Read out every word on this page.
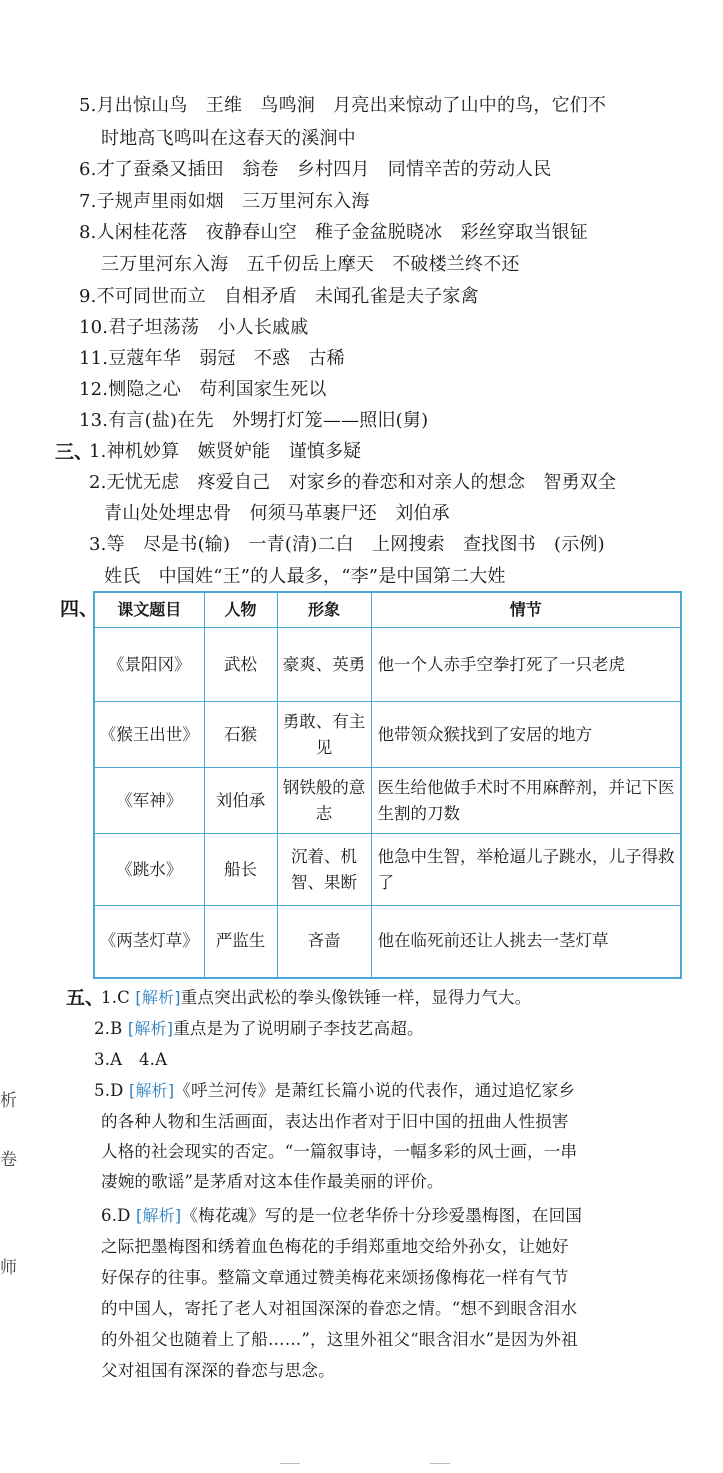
5.月出惊山鸟　王维　鸟鸣涧　月亮出来惊动了山中的鸟，它们不
时地高飞鸣叫在这春天的溪涧中
6.才了蚕桑又插田　翁卷　乡村四月　同情辛苦的劳动人民
7.子规声里雨如烟　三万里河东入海
8.人闲桂花落　夜静春山空　稚子金盆脱晓冰　彩丝穿取当银钲
三万里河东入海　五千仞岳上摩天　不破楼兰终不还
9.不可同世而立　自相矛盾　未闻孔雀是夫子家禽
10.君子坦荡荡　小人长戚戚
11.豆蔻年华　弱冠　不惑　古稀
12.恻隐之心　苟利国家生死以
13.有言(盐)在先　外甥打灯笼——照旧(舅)
三、
1.神机妙算　嫉贤妒能　谨慎多疑
2.无忧无虑　疼爱自己　对家乡的眷恋和对亲人的想念　智勇双全
青山处处埋忠骨　何须马革裹尸还　刘伯承
3.等　尽是书(输)　一青(清)二白　上网搜索　查找图书　(示例)
姓氏　中国姓“王”的人最多，“李”是中国第二大姓
四、 课文题目	人物	形象	情节
《景阳冈》	武松	豪爽、英勇	他一个人赤手空拳打死了一只老虎
《猴王出世》	石猴	勇敢、有主见	他带领众猴找到了安居的地方
《军神》	刘伯承	钢铁般的意志	医生给他做手术时不用麻醉剂，并记下医生割的刀数
《跳水》	船长	沉着、机智、果断	他急中生智，举枪逼儿子跳水，儿子得救了
《两茎灯草》	严监生	吝啬	他在临死前还让人挑去一茎灯草
五、
1.C [解析]重点突出武松的拳头像铁锤一样，显得力气大。
2.B [解析]重点是为了说明刷子李技艺高超。
3.A　4.A
5.D [解析]《呼兰河传》是萧红长篇小说的代表作，通过追忆家乡
的各种人物和生活画面，表达出作者对于旧中国的扭曲人性损害
人格的社会现实的否定。“一篇叙事诗，一幅多彩的风士画，一串
凄婉的歌谣”是茅盾对这本佳作最美丽的评价。
6.D [解析]《梅花魂》写的是一位老华侨十分珍爱墨梅图，在回国
之际把墨梅图和绣着血色梅花的手绢郑重地交给外孙女，让她好
好保存的往事。整篇文章通过赞美梅花来颂扬像梅花一样有气节
的中国人，寄托了老人对祖国深深的眷恋之情。“想不到眼含泪水
的外祖父也随着上了船……”，这里外祖父“眼含泪水”是因为外祖
父对祖国有深深的眷恋与思念。
析
卷
师
